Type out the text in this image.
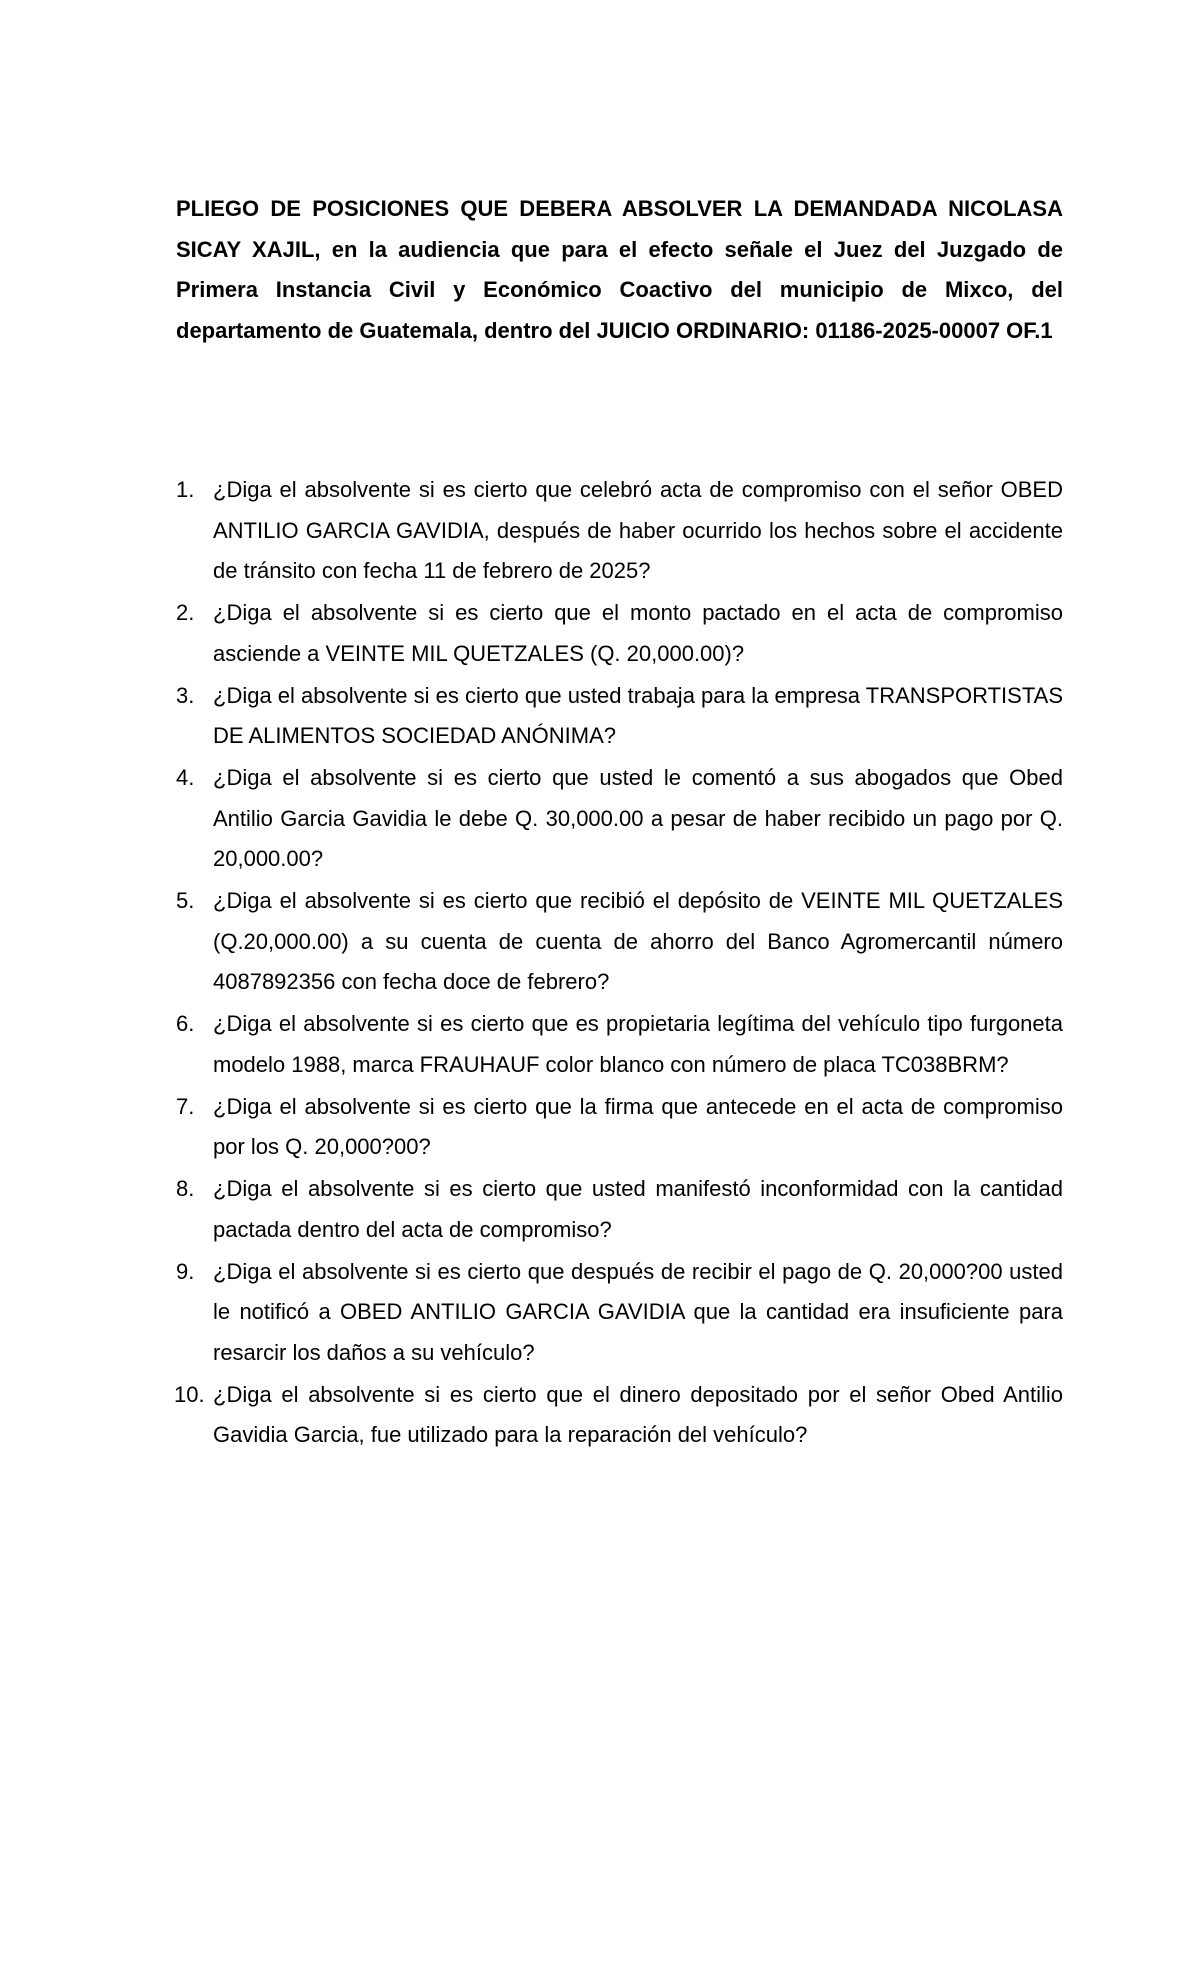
PLIEGO DE POSICIONES QUE DEBERA ABSOLVER LA DEMANDADA NICOLASA SICAY XAJIL, en la audiencia que para el efecto señale el Juez del Juzgado de Primera Instancia Civil y Económico Coactivo del municipio de Mixco, del departamento de Guatemala, dentro del JUICIO ORDINARIO: 01186-2025-00007 OF.1

1. ¿Diga el absolvente si es cierto que celebró acta de compromiso con el señor OBED ANTILIO GARCIA GAVIDIA, después de haber ocurrido los hechos sobre el accidente de tránsito con fecha 11 de febrero de 2025?
2. ¿Diga el absolvente si es cierto que el monto pactado en el acta de compromiso asciende a VEINTE MIL QUETZALES (Q. 20,000.00)?
3. ¿Diga el absolvente si es cierto que usted trabaja para la empresa TRANSPORTISTAS DE ALIMENTOS SOCIEDAD ANÓNIMA?
4. ¿Diga el absolvente si es cierto que usted le comentó a sus abogados que Obed Antilio Garcia Gavidia le debe Q. 30,000.00 a pesar de haber recibido un pago por Q. 20,000.00?
5. ¿Diga el absolvente si es cierto que recibió el depósito de VEINTE MIL QUETZALES (Q.20,000.00) a su cuenta de cuenta de ahorro del Banco Agromercantil número 4087892356 con fecha doce de febrero?
6. ¿Diga el absolvente si es cierto que es propietaria legítima del vehículo tipo furgoneta modelo 1988, marca FRAUHAUF color blanco con número de placa TC038BRM?
7. ¿Diga el absolvente si es cierto que la firma que antecede en el acta de compromiso por los Q. 20,000?00?
8. ¿Diga el absolvente si es cierto que usted manifestó inconformidad con la cantidad pactada dentro del acta de compromiso?
9. ¿Diga el absolvente si es cierto que después de recibir el pago de Q. 20,000?00 usted le notificó a OBED ANTILIO GARCIA GAVIDIA que la cantidad era insuficiente para resarcir los daños a su vehículo?
10. ¿Diga el absolvente si es cierto que el dinero depositado por el señor Obed Antilio Gavidia Garcia, fue utilizado para la reparación del vehículo?
